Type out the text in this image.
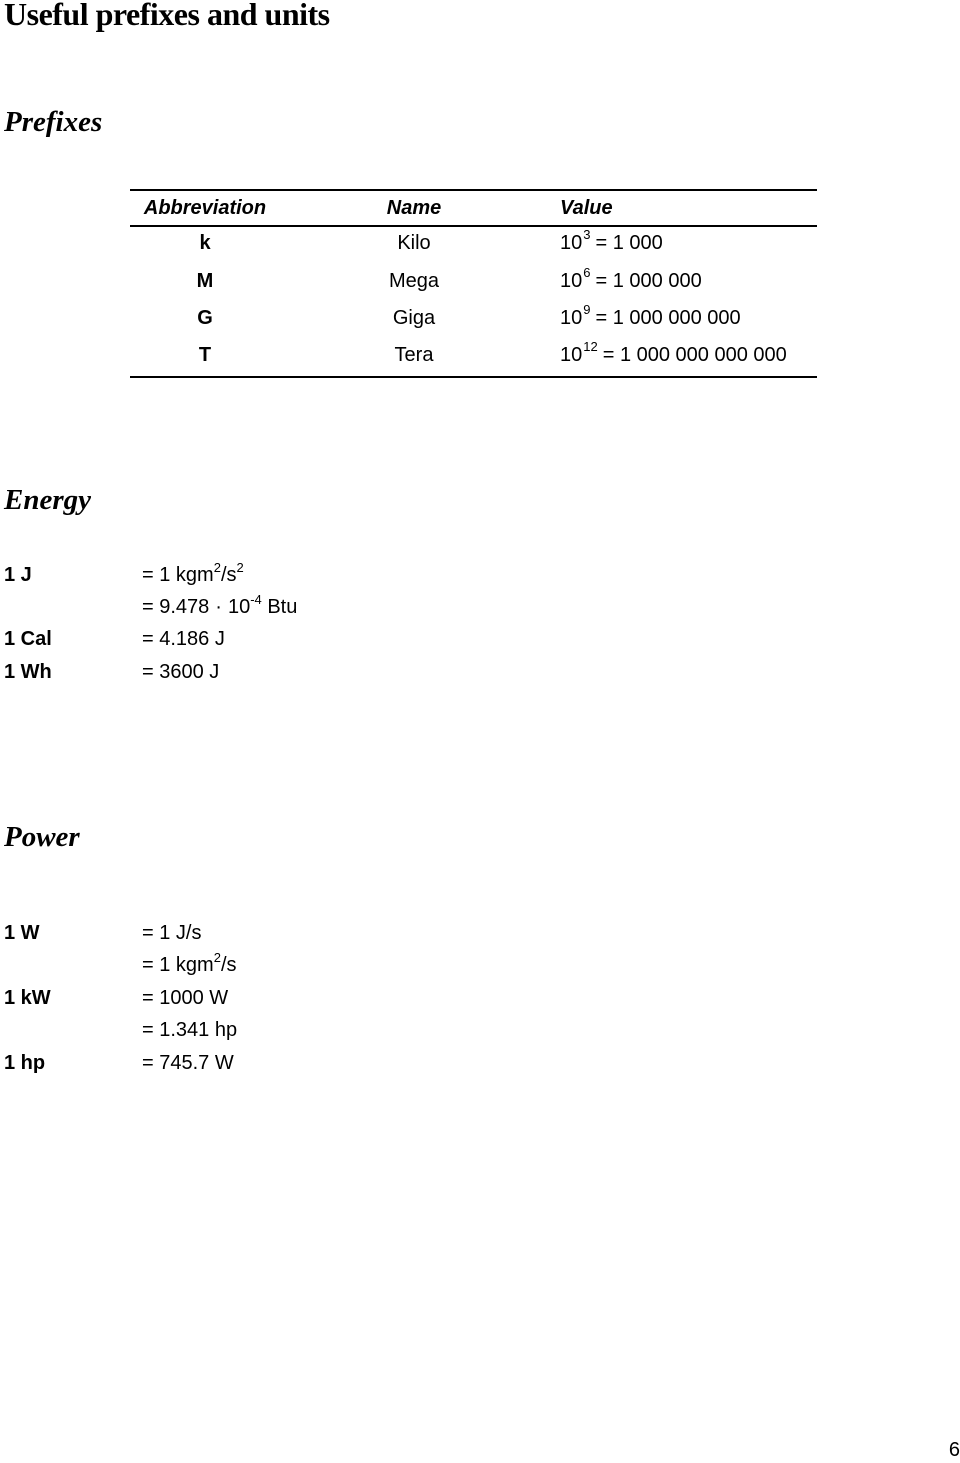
Useful prefixes and units
Prefixes
Abbreviation	Name	Value
k	Kilo	$10^3 = 1$ 000
M	Mega	$10^6 = 1$ 000 000
G	Giga	$10^9 = 1$ 000 000 000
T	Tera	$10^{12} = 1$ 000 000 000 000
Energy
1 J	= 1 $kgm^2/s^2$
= $9.478 \cdot 10^{-4}$ Btu
1 Cal	= 4.186 J
1 Wh	= 3600 J
Power
1 W	= 1 J/s
= 1 kgm$^2$/s
1 kW	= 1000 W
= 1.341 hp
1 hp	= 745.7 W
6
